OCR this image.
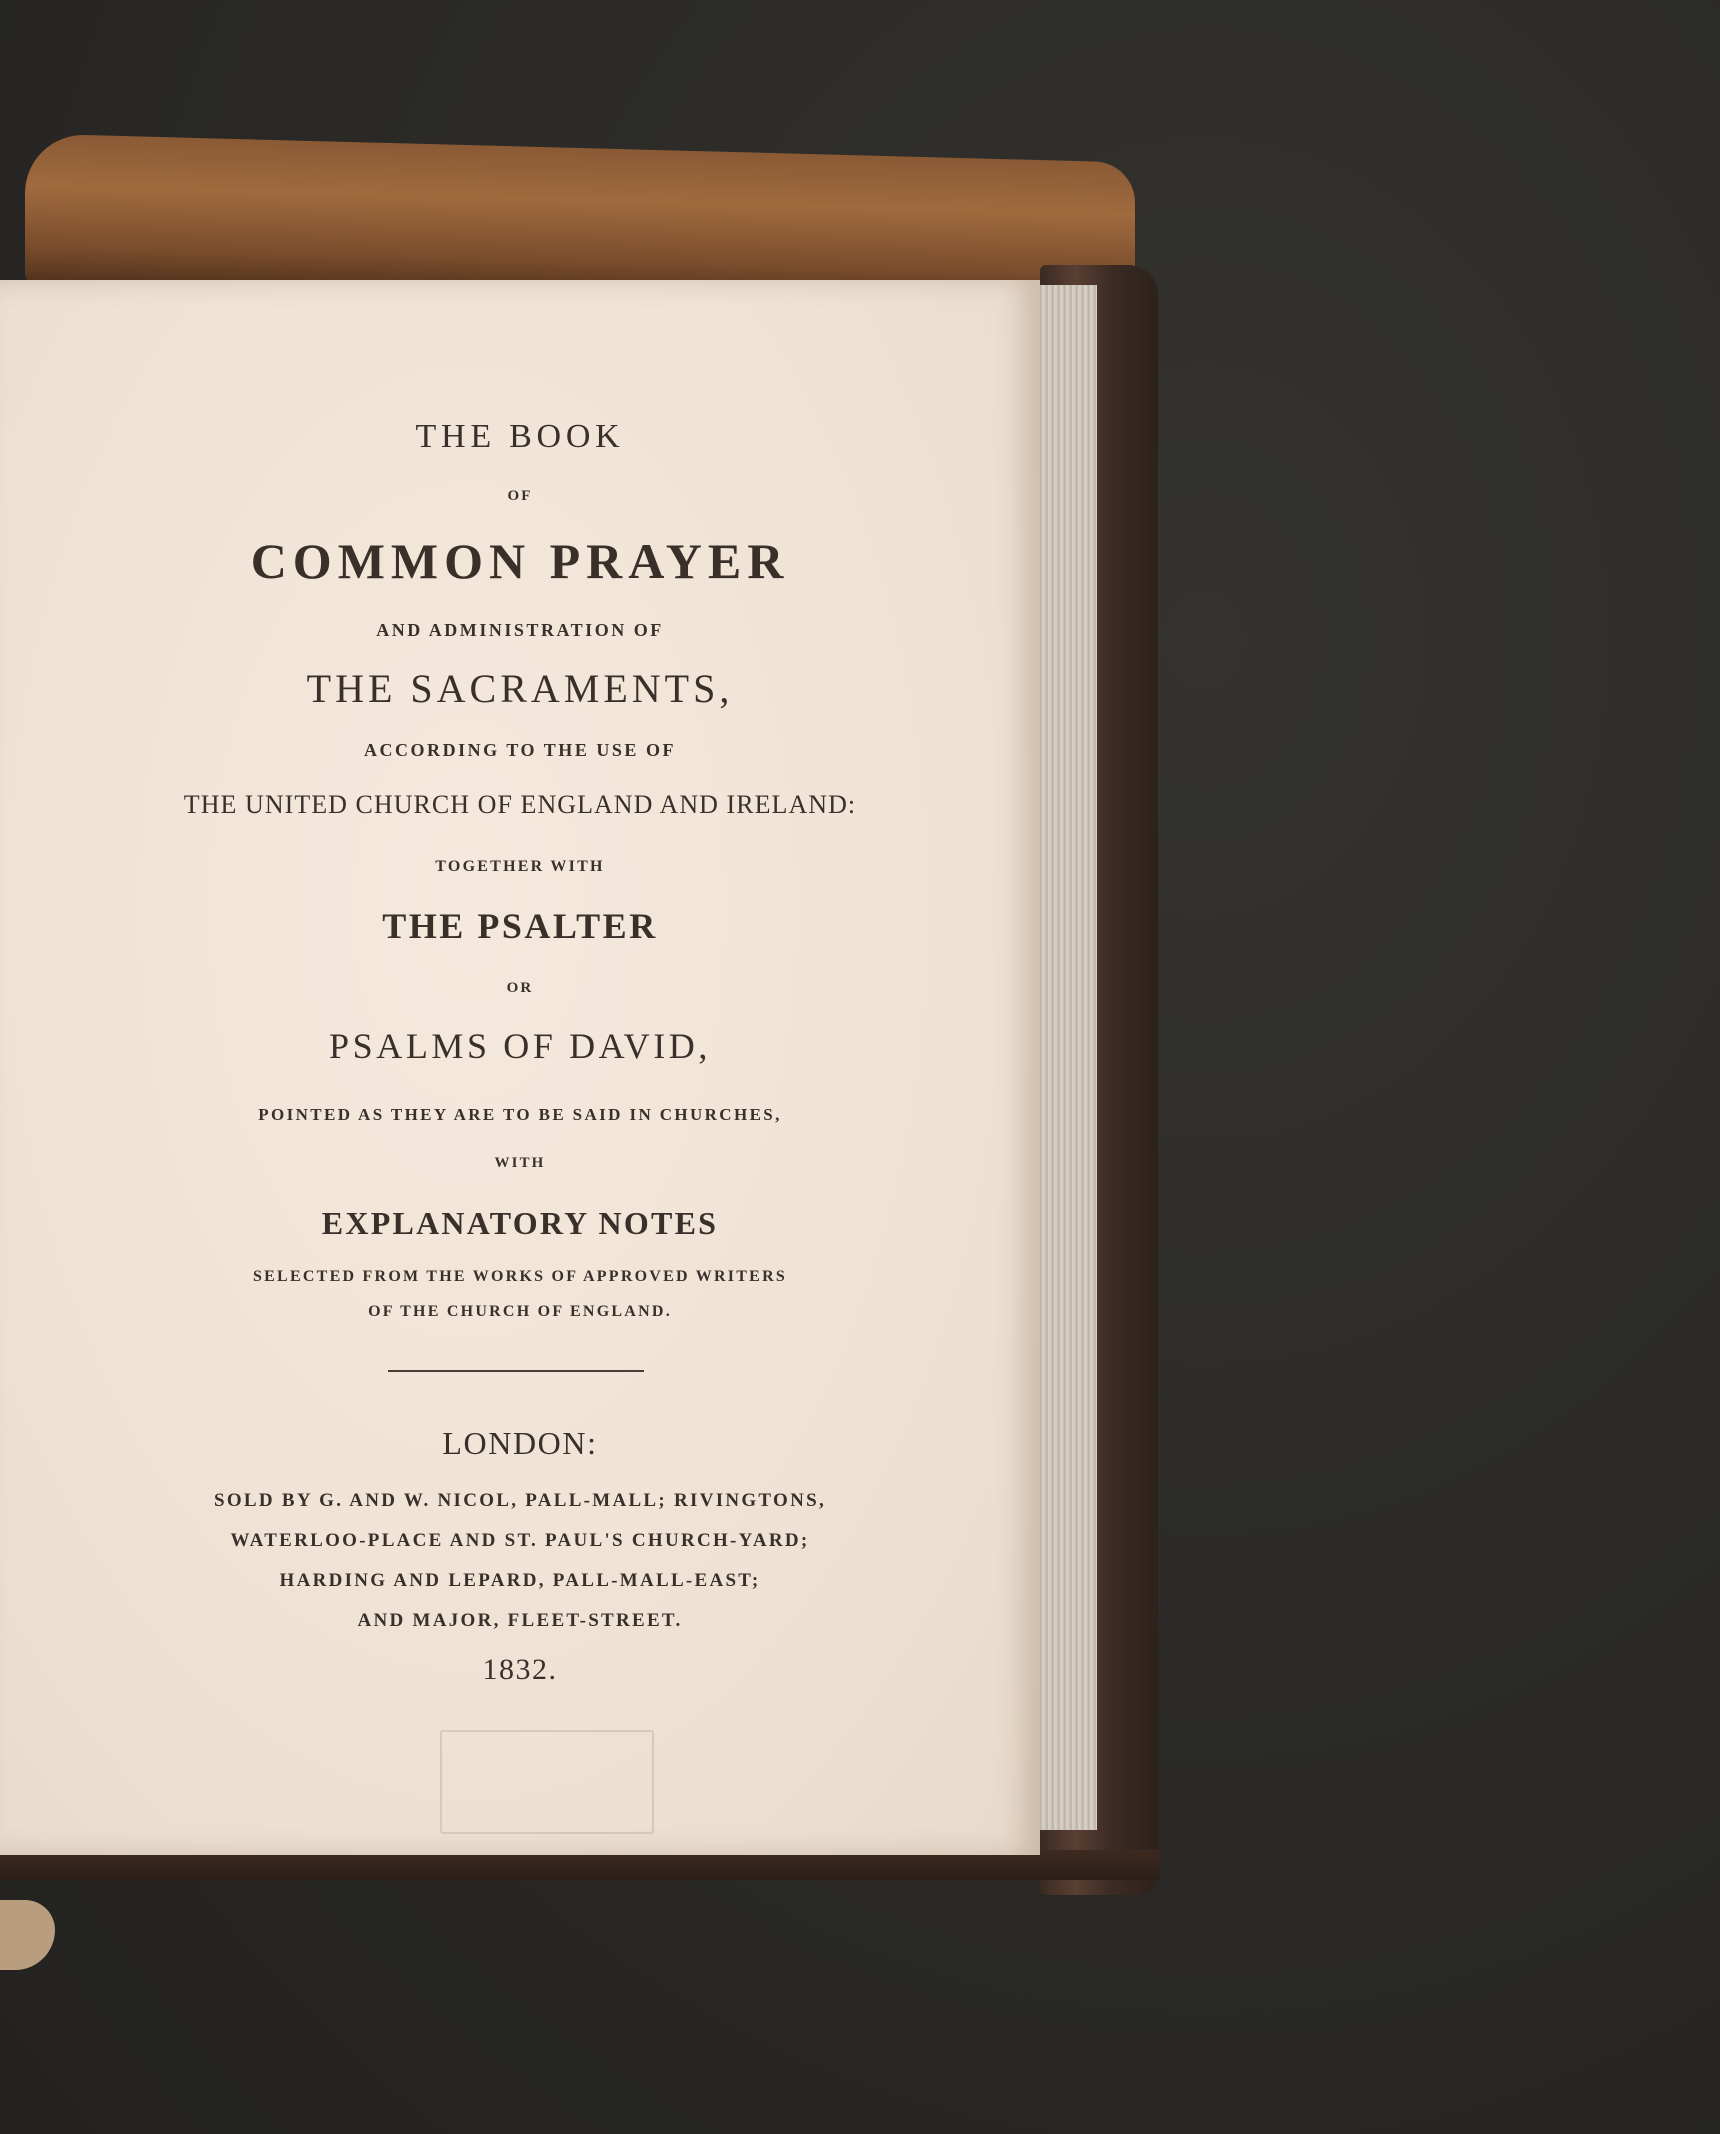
THE BOOK
OF
COMMON PRAYER
AND ADMINISTRATION OF
THE SACRAMENTS,
ACCORDING TO THE USE OF
THE UNITED CHURCH OF ENGLAND AND IRELAND:
TOGETHER WITH
THE PSALTER
OR
PSALMS OF DAVID,
POINTED AS THEY ARE TO BE SAID IN CHURCHES,
WITH
EXPLANATORY NOTES
SELECTED FROM THE WORKS OF APPROVED WRITERS
OF THE CHURCH OF ENGLAND.
LONDON:
SOLD BY G. AND W. NICOL, PALL-MALL; RIVINGTONS,
WATERLOO-PLACE AND ST. PAUL'S CHURCH-YARD;
HARDING AND LEPARD, PALL-MALL-EAST;
AND MAJOR, FLEET-STREET.
1832.
